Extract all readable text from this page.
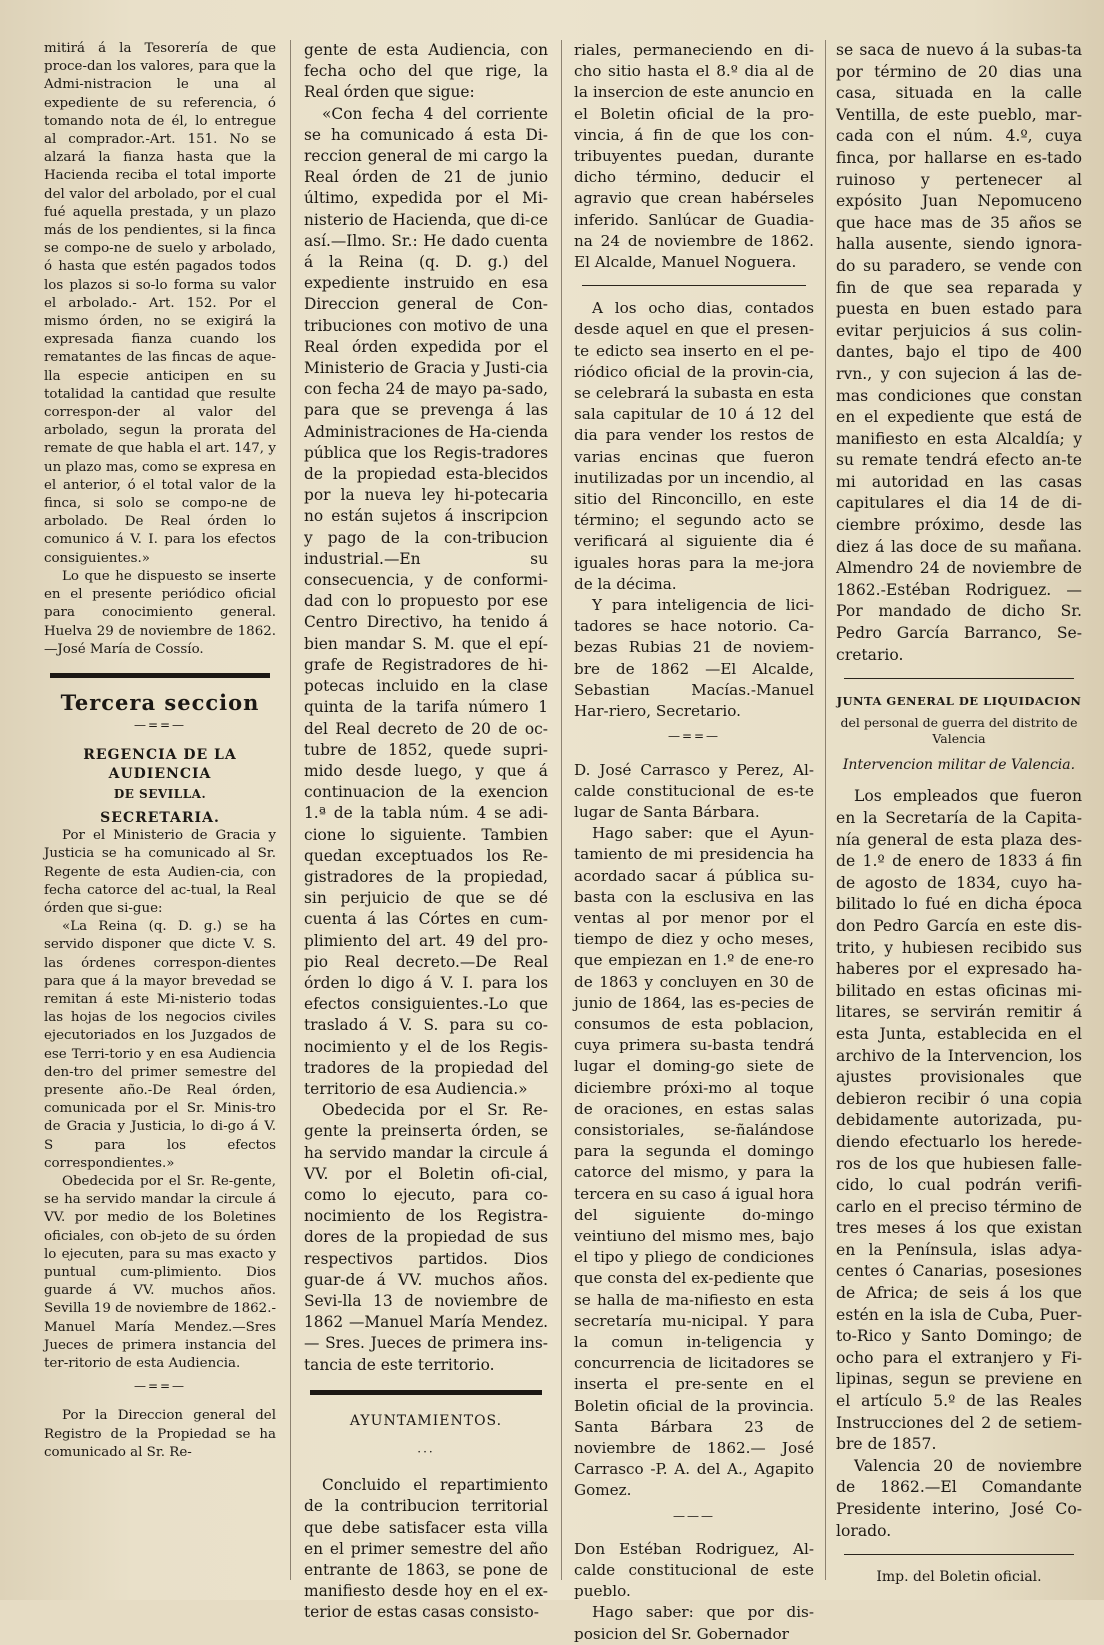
mitirá á la Tesorería de que proce-dan los valores, para que la Admi-nistracion le una al expediente de su referencia, ó tomando nota de él, lo entregue al comprador.-Art. 151. No se alzará la fianza hasta que la Hacienda reciba el total importe del valor del arbolado, por el cual fué aquella prestada, y un plazo más de los pendientes, si la finca se compo-ne de suelo y arbolado, ó hasta que estén pagados todos los plazos si so-lo forma su valor el arbolado.- Art. 152. Por el mismo órden, no se exigirá la expresada fianza cuando los rematantes de las fincas de aque-lla especie anticipen en su totalidad la cantidad que resulte correspon-der al valor del arbolado, segun la prorata del remate de que habla el art. 147, y un plazo mas, como se expresa en el anterior, ó el total valor de la finca, si solo se compo-ne de arbolado. De Real órden lo comunico á V. I. para los efectos consiguientes.»

Lo que he dispuesto se inserte en el presente periódico oficial para conocimiento general. Huelva 29 de noviembre de 1862.—José María de Cossío.

Tercera seccion
—==—
REGENCIA DE LA AUDIENCIA
DE SEVILLA.
SECRETARIA.

Por el Ministerio de Gracia y Justicia se ha comunicado al Sr. Regente de esta Audien-cia, con fecha catorce del ac-tual, la Real órden que si-gue:

«La Reina (q. D. g.) se ha servido disponer que dicte V. S. las órdenes correspon-dientes para que á la mayor brevedad se remitan á este Mi-nisterio todas las hojas de los negocios civiles ejecutoriados en los Juzgados de ese Terri-torio y en esa Audiencia den-tro del primer semestre del presente año.-De Real órden, comunicada por el Sr. Minis-tro de Gracia y Justicia, lo di-go á V. S para los efectos correspondientes.»

Obedecida por el Sr. Re-gente, se ha servido mandar la circule á VV. por medio de los Boletines oficiales, con ob-jeto de su órden lo ejecuten, para su mas exacto y puntual cum-plimiento. Dios guarde á VV. muchos años. Sevilla 19 de noviembre de 1862.-Manuel María Mendez.—Sres Jueces de primera instancia del ter-ritorio de esta Audiencia.

—==—

Por la Direccion general del Registro de la Propiedad se ha comunicado al Sr. Re-

gente de esta Audiencia, con fecha ocho del que rige, la Real órden que sigue:

«Con fecha 4 del corriente se ha comunicado á esta Di-reccion general de mi cargo la Real órden de 21 de junio último, expedida por el Mi-nisterio de Hacienda, que di-ce así.—Ilmo. Sr.: He dado cuenta á la Reina (q. D. g.) del expediente instruido en esa Direccion general de Con-tribuciones con motivo de una Real órden expedida por el Ministerio de Gracia y Justi-cia con fecha 24 de mayo pa-sado, para que se prevenga á las Administraciones de Ha-cienda pública que los Regis-tradores de la propiedad esta-blecidos por la nueva ley hi-potecaria no están sujetos á inscripcion y pago de la con-tribucion industrial.—En su consecuencia, y de conformi-dad con lo propuesto por ese Centro Directivo, ha tenido á bien mandar S. M. que el epí-grafe de Registradores de hi-potecas incluido en la clase quinta de la tarifa número 1 del Real decreto de 20 de oc-tubre de 1852, quede supri-mido desde luego, y que á continuacion de la exencion 1.ª de la tabla núm. 4 se adi-cione lo siguiente. Tambien quedan exceptuados los Re-gistradores de la propiedad, sin perjuicio de que se dé cuenta á las Córtes en cum-plimiento del art. 49 del pro-pio Real decreto.—De Real órden lo digo á V. I. para los efectos consiguientes.-Lo que traslado á V. S. para su co-nocimiento y el de los Regis-tradores de la propiedad del territorio de esa Audiencia.»

Obedecida por el Sr. Re-gente la preinserta órden, se ha servido mandar la circule á VV. por el Boletin ofi-cial, como lo ejecuto, para co-nocimiento de los Registra-dores de la propiedad de sus respectivos partidos. Dios guar-de á VV. muchos años. Sevi-lla 13 de noviembre de 1862 —Manuel María Mendez.— Sres. Jueces de primera ins-tancia de este territorio.

AYUNTAMIENTOS.
···

Concluido el repartimiento de la contribucion territorial que debe satisfacer esta villa en el primer semestre del año entrante de 1863, se pone de manifiesto desde hoy en el ex-terior de estas casas consisto-

riales, permaneciendo en di-cho sitio hasta el 8.º dia al de la insercion de este anuncio en el Boletin oficial de la pro-vincia, á fin de que los con-tribuyentes puedan, durante dicho término, deducir el agravio que crean habérseles inferido. Sanlúcar de Guadia-na 24 de noviembre de 1862. El Alcalde, Manuel Noguera.

A los ocho dias, contados desde aquel en que el presen-te edicto sea inserto en el pe-riódico oficial de la provin-cia, se celebrará la subasta en esta sala capitular de 10 á 12 del dia para vender los restos de varias encinas que fueron inutilizadas por un incendio, al sitio del Rinconcillo, en este término; el segundo acto se verificará al siguiente dia é iguales horas para la me-jora de la décima.

Y para inteligencia de lici-tadores se hace notorio. Ca-bezas Rubias 21 de noviem-bre de 1862 —El Alcalde, Sebastian Macías.-Manuel Har-riero, Secretario.

—==—

D. José Carrasco y Perez, Al-calde constitucional de es-te lugar de Santa Bárbara.

Hago saber: que el Ayun-tamiento de mi presidencia ha acordado sacar á pública su-basta con la esclusiva en las ventas al por menor por el tiempo de diez y ocho meses, que empiezan en 1.º de ene-ro de 1863 y concluyen en 30 de junio de 1864, las es-pecies de consumos de esta poblacion, cuya primera su-basta tendrá lugar el doming-go siete de diciembre próxi-mo al toque de oraciones, en estas salas consistoriales, se-ñalándose para la segunda el domingo catorce del mismo, y para la tercera en su caso á igual hora del siguiente do-mingo veintiuno del mismo mes, bajo el tipo y pliego de condiciones que consta del ex-pediente que se halla de ma-nifiesto en esta secretaría mu-nicipal. Y para la comun in-teligencia y concurrencia de licitadores se inserta el pre-sente en el Boletin oficial de la provincia. Santa Bárbara 23 de noviembre de 1862.— José Carrasco -P. A. del A., Agapito Gomez.

———

Don Estéban Rodriguez, Al-calde constitucional de este pueblo.

Hago saber: que por dis-posicion del Sr. Gobernador

se saca de nuevo á la subas-ta por término de 20 dias una casa, situada en la calle Ventilla, de este pueblo, mar-cada con el núm. 4.º, cuya finca, por hallarse en es-tado ruinoso y pertenecer al expósito Juan Nepomuceno que hace mas de 35 años se halla ausente, siendo ignora-do su paradero, se vende con fin de que sea reparada y puesta en buen estado para evitar perjuicios á sus colin-dantes, bajo el tipo de 400 rvn., y con sujecion á las de-mas condiciones que constan en el expediente que está de manifiesto en esta Alcaldía; y su remate tendrá efecto an-te mi autoridad en las casas capitulares el dia 14 de di-ciembre próximo, desde las diez á las doce de su mañana. Almendro 24 de noviembre de 1862.-Estéban Rodriguez. —Por mandado de dicho Sr. Pedro García Barranco, Se-cretario.

JUNTA GENERAL DE LIQUIDACION
del personal de guerra del distrito de Valencia
Intervencion militar de Valencia.

Los empleados que fueron en la Secretaría de la Capita-nía general de esta plaza des-de 1.º de enero de 1833 á fin de agosto de 1834, cuyo ha-bilitado lo fué en dicha época don Pedro García en este dis-trito, y hubiesen recibido sus haberes por el expresado ha-bilitado en estas oficinas mi-litares, se servirán remitir á esta Junta, establecida en el archivo de la Intervencion, los ajustes provisionales que debieron recibir ó una copia debidamente autorizada, pu-diendo efectuarlo los herede-ros de los que hubiesen falle-cido, lo cual podrán verifi-carlo en el preciso término de tres meses á los que existan en la Península, islas adya-centes ó Canarias, posesiones de Africa; de seis á los que estén en la isla de Cuba, Puer-to-Rico y Santo Domingo; de ocho para el extranjero y Fi-lipinas, segun se previene en el artículo 5.º de las Reales Instrucciones del 2 de setiem-bre de 1857.

Valencia 20 de noviembre de 1862.—El Comandante Presidente interino, José Co-lorado.

Imp. del Boletin oficial.
